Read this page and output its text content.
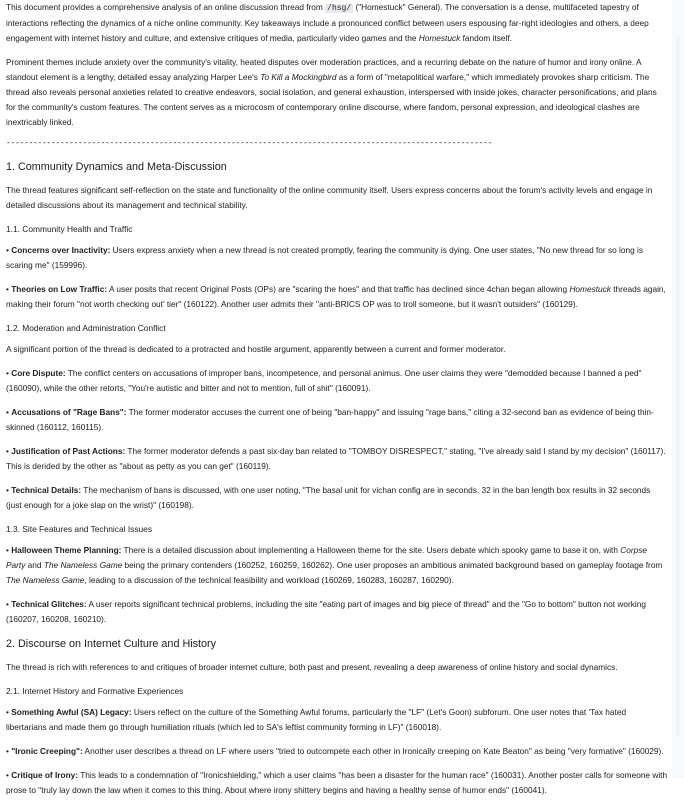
This document provides a comprehensive analysis of an online discussion thread from /hsg/ ("Homestuck" General). The conversation is a dense, multifaceted tapestry of interactions reflecting the dynamics of a niche online community. Key takeaways include a pronounced conflict between users espousing far-right ideologies and others, a deep engagement with internet history and culture, and extensive critiques of media, particularly video games and the Homestuck fandom itself.

Prominent themes include anxiety over the community's vitality, heated disputes over moderation practices, and a recurring debate on the nature of humor and irony online. A standout element is a lengthy, detailed essay analyzing Harper Lee's To Kill a Mockingbird as a form of "metapolitical warfare," which immediately provokes sharp criticism. The thread also reveals personal anxieties related to creative endeavors, social isolation, and general exhaustion, interspersed with inside jokes, character personifications, and plans for the community's custom features. The content serves as a microcosm of contemporary online discourse, where fandom, personal expression, and ideological clashes are inextricably linked.

------------------------------------------------------------------------------------------------------------
1. Community Dynamics and Meta-Discussion

The thread features significant self-reflection on the state and functionality of the online community itself. Users express concerns about the forum's activity levels and engage in detailed discussions about its management and technical stability.

1.1. Community Health and Traffic

• Concerns over Inactivity: Users express anxiety when a new thread is not created promptly, fearing the community is dying. One user states, "No new thread for so long is scaring me" (159996).

• Theories on Low Traffic: A user posits that recent Original Posts (OPs) are "scaring the hoes" and that traffic has declined since 4chan began allowing Homestuck threads again, making their forum "not worth checking out' tier" (160122). Another user admits their "anti-BRICS OP was to troll someone, but it wasn't outsiders" (160129).

1.2. Moderation and Administration Conflict

A significant portion of the thread is dedicated to a protracted and hostile argument, apparently between a current and former moderator.

• Core Dispute: The conflict centers on accusations of improper bans, incompetence, and personal animus. One user claims they were "demodded because I banned a ped" (160090), while the other retorts, "You're autistic and bitter and not to mention, full of shit" (160091).

• Accusations of "Rage Bans": The former moderator accuses the current one of being "ban-happy" and issuing "rage bans," citing a 32-second ban as evidence of being thin-skinned (160112, 160115).

• Justification of Past Actions: The former moderator defends a past six-day ban related to "TOMBOY DISRESPECT," stating, "I've already said I stand by my decision" (160117). This is derided by the other as "about as petty as you can get" (160119).

• Technical Details: The mechanism of bans is discussed, with one user noting, "The basal unit for vichan config are in seconds. 32 in the ban length box results in 32 seconds (just enough for a joke slap on the wrist)" (160198).

1.3. Site Features and Technical Issues

• Halloween Theme Planning: There is a detailed discussion about implementing a Halloween theme for the site. Users debate which spooky game to base it on, with Corpse Party and The Nameless Game being the primary contenders (160252, 160259, 160262). One user proposes an ambitious animated background based on gameplay footage from The Nameless Game, leading to a discussion of the technical feasibility and workload (160269, 160283, 160287, 160290).

• Technical Glitches: A user reports significant technical problems, including the site "eating part of images and big piece of thread" and the "Go to bottom" button not working (160207, 160208, 160210).

2. Discourse on Internet Culture and History

The thread is rich with references to and critiques of broader internet culture, both past and present, revealing a deep awareness of online history and social dynamics.

2.1. Internet History and Formative Experiences

• Something Awful (SA) Legacy: Users reflect on the culture of the Something Awful forums, particularly the "LF" (Let's Goon) subforum. One user notes that 'Tax hated libertarians and made them go through humiliation rituals (which led to SA's leftist community forming in LF)" (160018).

• "Ironic Creeping": Another user describes a thread on LF where users "tried to outcompete each other in Ironically creeping on Kate Beaton" as being "very formative" (160029).

• Critique of Irony: This leads to a condemnation of "Ironicshielding," which a user claims "has been a disaster for the human race" (160031). Another poster calls for someone with prose to "truly lay down the law when it comes to this thing. About where irony shittery begins and having a healthy sense of humor ends" (160041).
